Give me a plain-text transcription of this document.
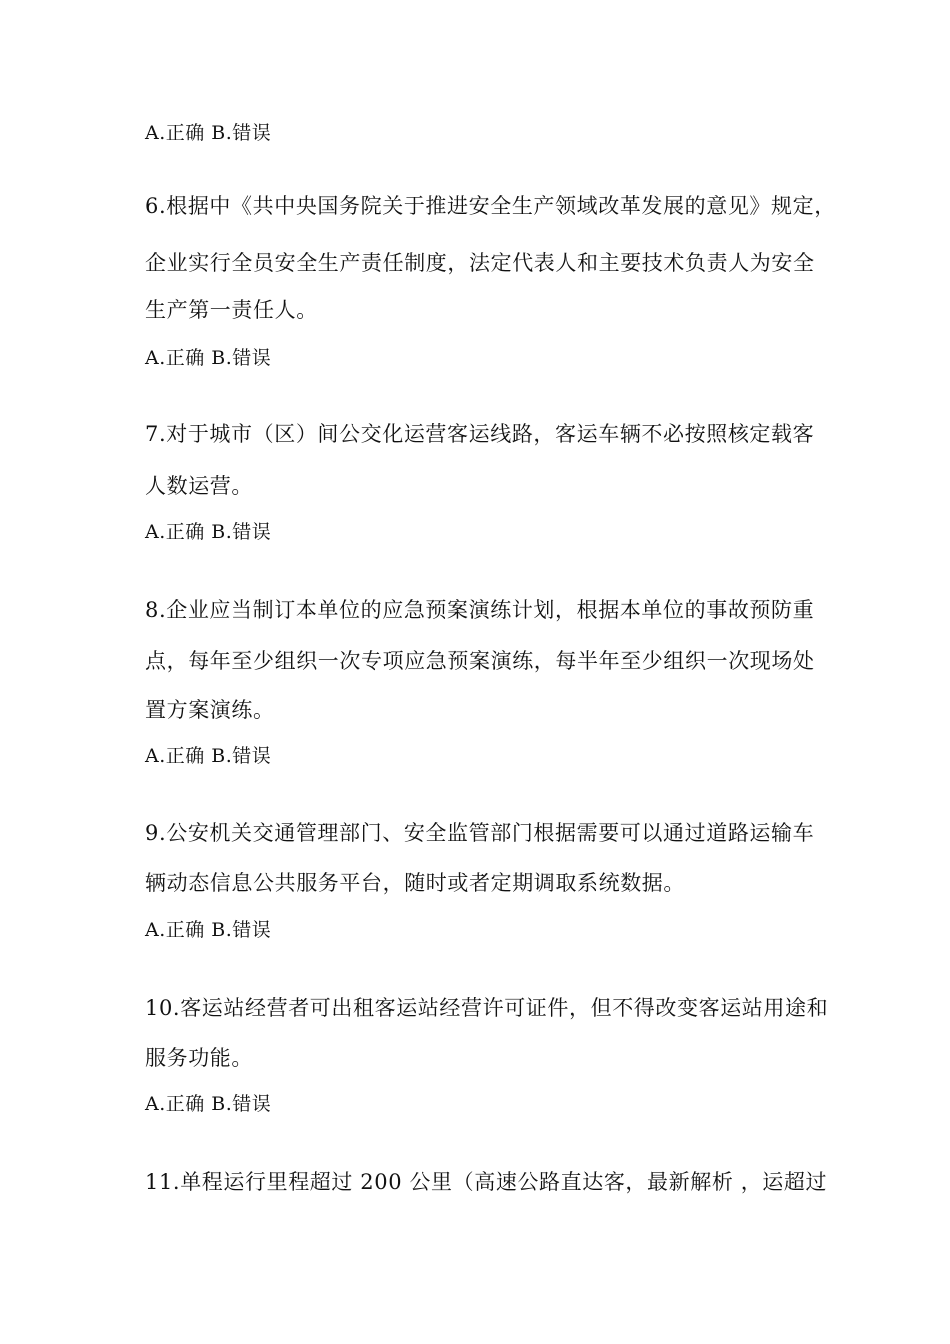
A.正确 B.错误
6.根据中《共中央国务院关于推进安全生产领域改革发展的意见》规定，
企业实行全员安全生产责任制度，法定代表人和主要技术负责人为安全
生产第一责任人。
A.正确 B.错误
7.对于城市（区）间公交化运营客运线路，客运车辆不必按照核定载客
人数运营。
A.正确 B.错误
8.企业应当制订本单位的应急预案演练计划，根据本单位的事故预防重
点，每年至少组织一次专项应急预案演练，每半年至少组织一次现场处
置方案演练。
A.正确 B.错误
9.公安机关交通管理部门、安全监管部门根据需要可以通过道路运输车
辆动态信息公共服务平台，随时或者定期调取系统数据。
A.正确 B.错误
10.客运站经营者可出租客运站经营许可证件，但不得改变客运站用途和
服务功能。
A.正确 B.错误
11.单程运行里程超过 200 公里（高速公路直达客，最新解析 ，运超过
